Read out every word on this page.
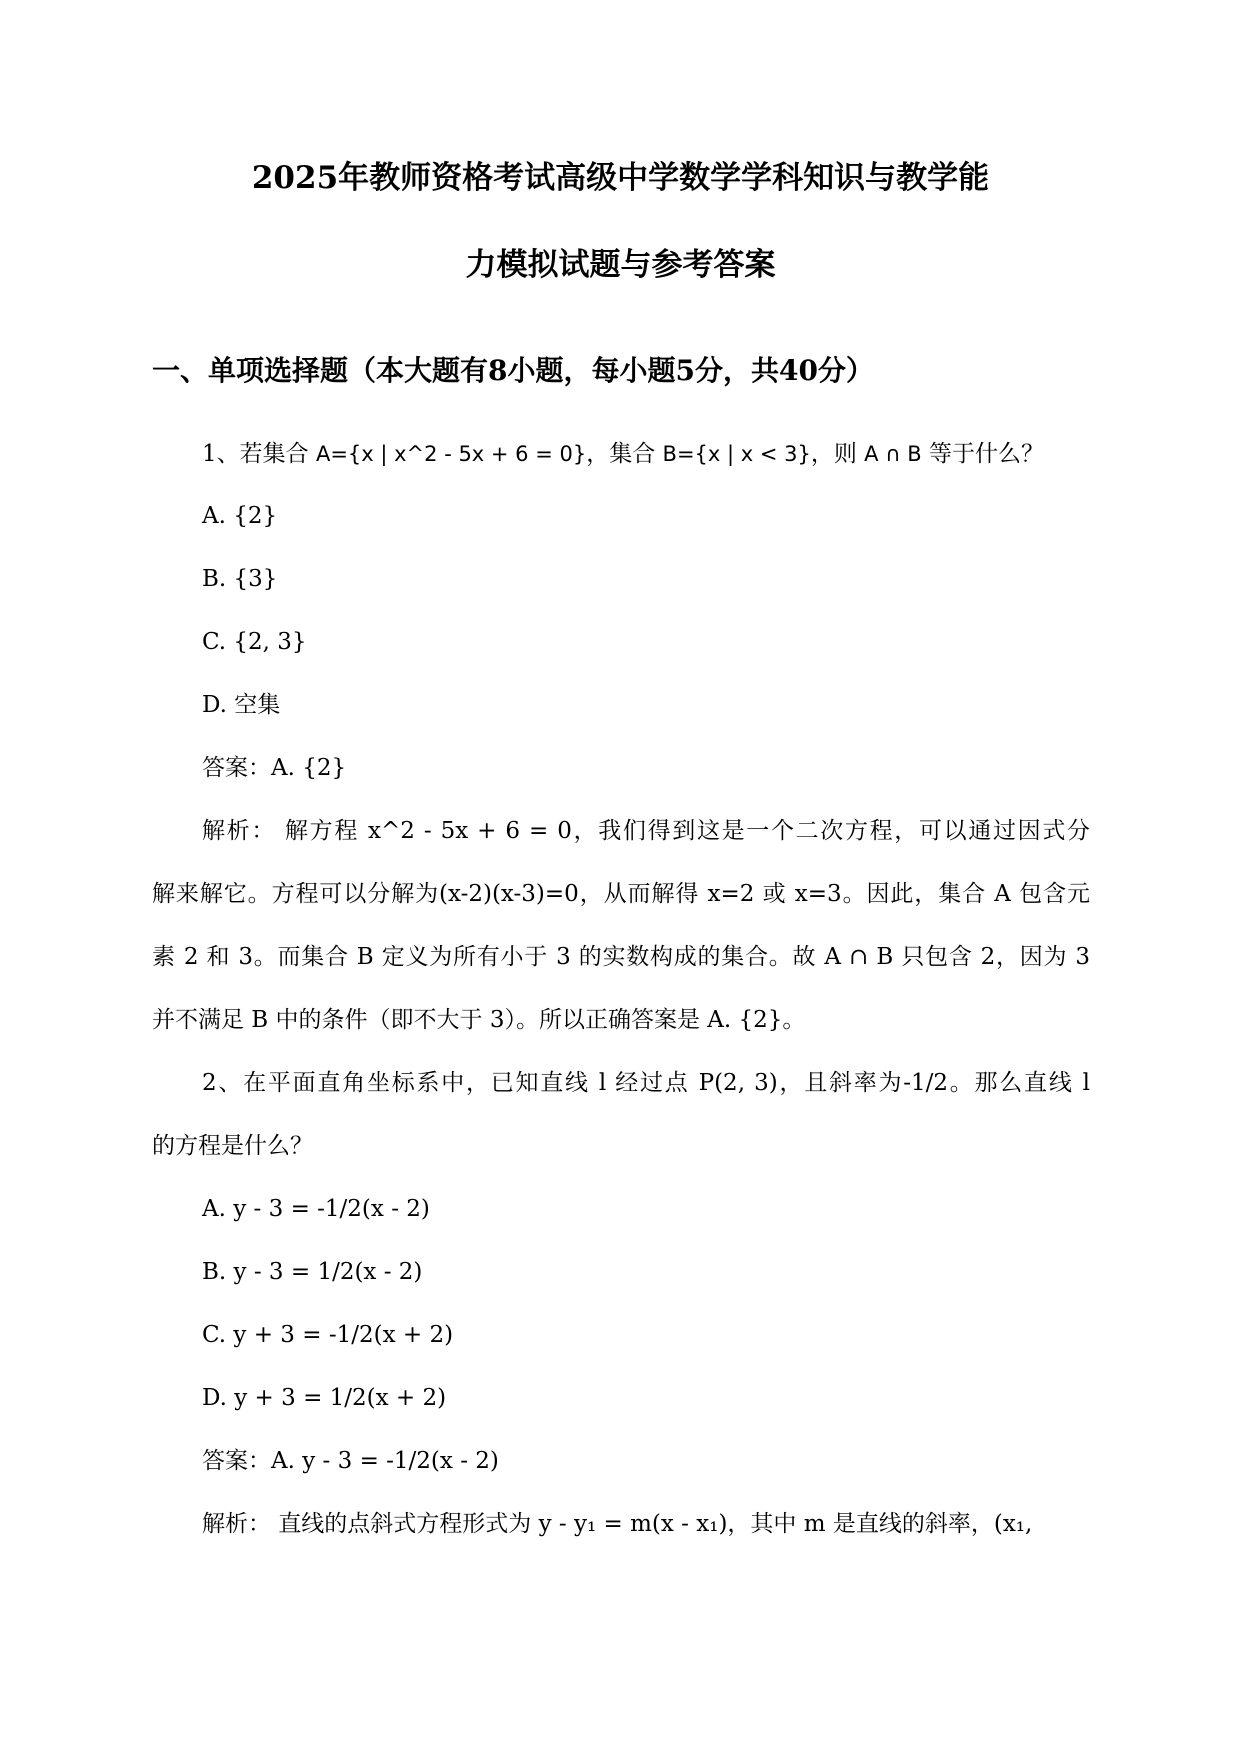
2025年教师资格考试高级中学数学学科知识与教学能
力模拟试题与参考答案
一、单项选择题（本大题有8小题，每小题5分，共40分）

1、若集合 A={x | x^2 - 5x + 6 = 0}，集合 B={x | x < 3}，则 A ∩ B 等于什么？

A. {2}

B. {3}

C. {2, 3}

D. 空集

答案：A. {2}

解析： 解方程 x^2 - 5x + 6 = 0，我们得到这是一个二次方程，可以通过因式分

解来解它。方程可以分解为(x-2)(x-3)=0，从而解得 x=2 或 x=3。因此，集合 A 包含元

素 2 和 3。而集合 B 定义为所有小于 3 的实数构成的集合。故 A ∩ B 只包含 2，因为 3

并不满足 B 中的条件（即不大于 3）。所以正确答案是 A. {2}。

2、在平面直角坐标系中，已知直线 l 经过点 P(2, 3)，且斜率为-1/2。那么直线 l

的方程是什么？

A. y - 3 = -1/2(x - 2)

B. y - 3 = 1/2(x - 2)

C. y + 3 = -1/2(x + 2)

D. y + 3 = 1/2(x + 2)

答案：A. y - 3 = -1/2(x - 2)

解析： 直线的点斜式方程形式为 y - y₁ = m(x - x₁)，其中 m 是直线的斜率，(x₁,
